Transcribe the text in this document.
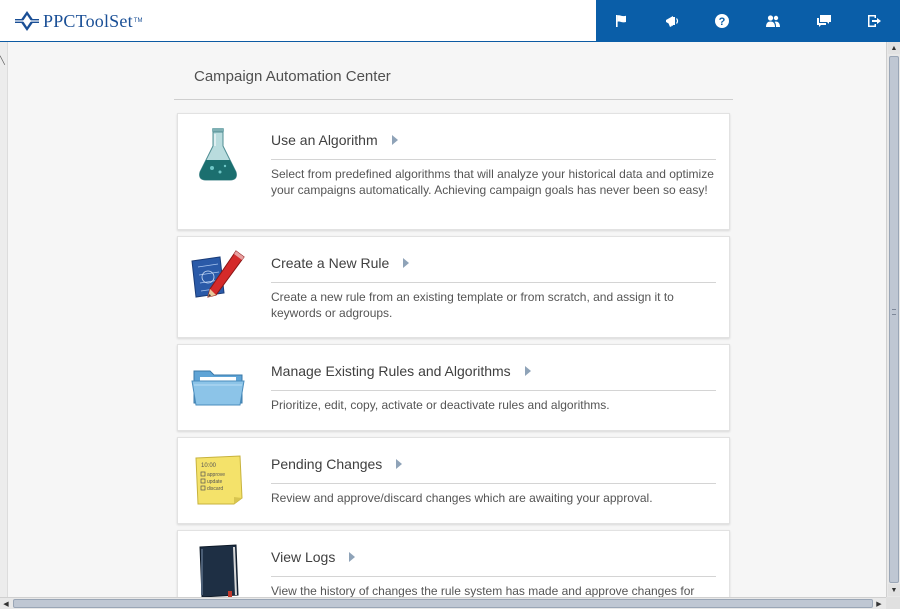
PPCToolSet TM	?
╲
Campaign Automation Center
Use an Algorithm
Select from predefined algorithms that will analyze your historical data and optimize your campaigns automatically. Achieving campaign goals has never been so easy!
Create a New Rule
Create a new rule from an existing template or from scratch, and assign it to keywords or adgroups.
Manage Existing Rules and Algorithms
Prioritize, edit, copy, activate or deactivate rules and algorithms.
10:00
approve
update
discard
Pending Changes
Review and approve/discard changes which are awaiting your approval.
View Logs
View the history of changes the rule system has made and approve changes for
▲
▼
◀	▶
